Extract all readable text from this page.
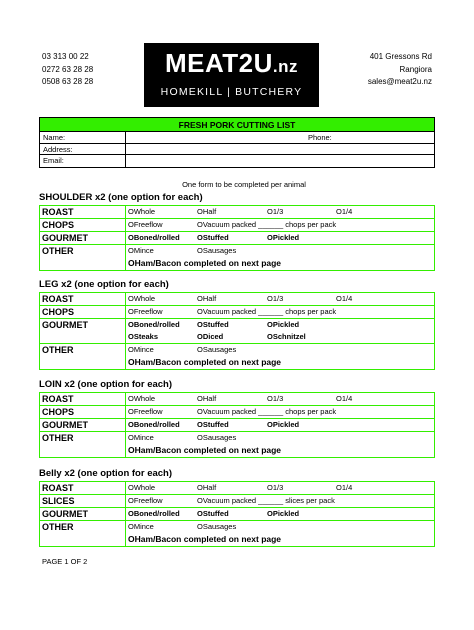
03 313 00 22
0272 63 28 28
0508 63 28 28
MEAT2U.nz
HOMEKILL | BUTCHERY
401 Gressons Rd
Rangiora
sales@meat2u.nz
FRESH PORK CUTTING LIST
Name:	Phone:
Address:
Email:
One form to be completed per animal
SHOULDER x2 (one option for each)
ROAST	OWhole	OHalf	O1/3	O1/4
CHOPS	OFreeflow	OVacuum packed ______ chops per pack
GOURMET	OBoned/rolled OStuffed	OPickled
OTHER	OMince	OSausages
OHam/Bacon completed on next page
LEG x2 (one option for each)
ROAST	OWhole	OHalf	O1/3	O1/4
CHOPS	OFreeflow	OVacuum packed ______ chops per pack
GOURMET	OBoned/rolled OStuffed	OPickled
OSteaks	ODiced	OSchnitzel
OTHER	OMince	OSausages
OHam/Bacon completed on next page
LOIN x2 (one option for each)
ROAST	OWhole	OHalf	O1/3	O1/4
CHOPS	OFreeflow	OVacuum packed ______ chops per pack
GOURMET	OBoned/rolled OStuffed	OPickled
OTHER	OMince	OSausages
OHam/Bacon completed on next page
Belly x2 (one option for each)
ROAST	OWhole	OHalf	O1/3	O1/4
SLICES	OFreeflow	OVacuum packed ______ slices per pack
GOURMET	OBoned/rolled OStuffed	OPickled
OTHER	OMince	OSausages
OHam/Bacon completed on next page
PAGE 1 OF 2
